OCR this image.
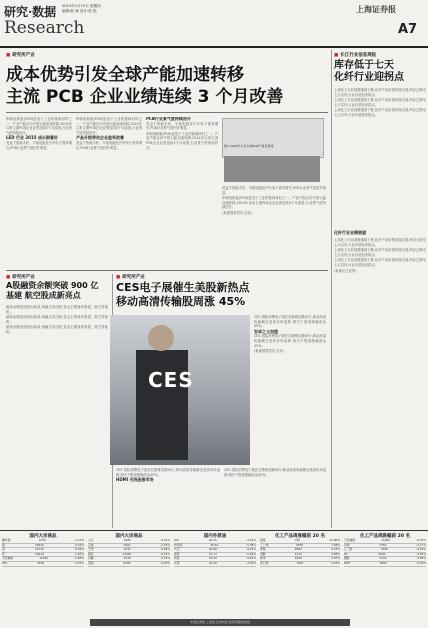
研究·数据
Research
2015年1月15日 星期四
编辑:耿 晓 设计:郭 艳	上海证券报
A7
■ 研究所产业
成本优势引发全球产能加速转移
主流 PCB 企业业绩连续 3 个月改善

印刷电路板(PCB)是电子工业的基础材料之一。产业产能正向中国大陆加速转移,2014年以来主流PCB企业业绩连续3个月改善,行业景气度持续回升。

LED 行业 2015 成长期看好

受益于智能手机、平板电脑及汽车电子需求增长,PCB行业景气度回升明显。

印刷电路板(PCB)是电子工业的基础材料之一。产业产能正向中国大陆加速转移,2014年以来主流PCB企业业绩连续3个月改善,行业景气度持续回升。

产品升级带动企业盈利改善

受益于智能手机、平板电脑及汽车电子需求增长,PCB行业景气度回升明显。

PCB行业景气度持续回升

受益于智能手机、平板电脑及汽车电子需求增长,PCB行业景气度回升明显。

印刷电路板(PCB)是电子工业的基础材料之一。产业产能正向中国大陆加速转移,2014年以来主流PCB企业业绩连续3个月改善,行业景气度持续回升。	图1:2008年以来全球PCB产值及增速

受益于智能手机、平板电脑及汽车电子需求增长,PCB行业景气度回升明显。

印刷电路板(PCB)是电子工业的基础材料之一。产业产能正向中国大陆加速转移,2014年以来主流PCB企业业绩连续3个月改善,行业景气度持续回升。

(来源国泰君安 证券)

■ 研究所产业
A股融资余额突破 900 亿
基建 航空股成新亮点

融资余额连续创出新高,两融交易活跃,资金主要流向基建、航空等板块。

融资余额连续创出新高,两融交易活跃,资金主要流向基建、航空等板块。

融资余额连续创出新高,两融交易活跃,资金主要流向基建、航空等板块。

■ 研究所产业
CES电子展催生美股新热点
移动高清传输股周涨 45%
CES

CES 国际消费电子展在拉斯维加斯举行,移动高清传输概念受到市场追捧,相关个股周涨幅高达45%。

安卓之父加盟

CES 国际消费电子展在拉斯维加斯举行,移动高清传输概念受到市场追捧,相关个股周涨幅高达45%。

(来源国泰君安 证券)

CES 国际消费电子展在拉斯维加斯举行,移动高清传输概念受到市场追捧,相关个股周涨幅高达45%。

HDMI 无线连接市场

CES 国际消费电子展在拉斯维加斯举行,移动高清传输概念受到市场追捧,相关个股周涨幅高达45%。

■ 长江行业信息周报
库存低于七天
化纤行业迎拐点

上周化工行业指数继续下跌,化纤产品价格持续走弱,库存已降至七天以内,行业有望迎来拐点。

上周化工行业指数继续下跌,化纤产品价格持续走弱,库存已降至七天以内,行业有望迎来拐点。

上周化工行业指数继续下跌,化纤产品价格持续走弱,库存已降至七天以内,行业有望迎来拐点。

化纤行业业绩展望

上周化工行业指数继续下跌,化纤产品价格持续走弱,库存已降至七天以内,行业有望迎来拐点。

上周化工行业指数继续下跌,化纤产品价格持续走弱,库存已降至七天以内,行业有望迎来拐点。

上周化工行业指数继续下跌,化纤产品价格持续走弱,库存已降至七天以内,行业有望迎来拐点。

(来源长江证券)

国内大宗商品
螺纹钢	2436	-1.14%
铜	42540	-3.21%
铝	12745	-0.39%
锌	16010	-1.87%
天然橡胶	12530	-0.68%
PTA	4576	-2.01%
国内大宗商品
大豆	4485	0.22%
豆粕	2902	-1.03%
玉米	2431	0.29%
棉花	12940	-0.23%
白糖	4725	0.53%
菜油	6180	-0.45%
国内外原油
WTI	46.25	-4.63%
布伦特	46.59	-5.38%
大庆	44.80	-4.12%
迪拜	43.17	-5.04%
阿曼	43.40	-4.87%
辛塔	42.90	-4.55%
化工产品周涨幅前 20 名
液氯	395	12.86%
丁二烯	6550	7.38%
苯胺	8850	4.12%
甲醇	2115	3.68%
纯苯	5200	2.97%
苯乙烯	7050	2.18%
化工产品周跌幅前 20 名
天然橡胶	11800	-6.35%
丙烯	7350	-5.17%
乙二醇	5380	-4.44%
PX	6900	-3.50%
醋酸	3150	-3.08%
DMF	5650	-2.59%
中国证券报·上证报·证券时报 投资者服务热线
